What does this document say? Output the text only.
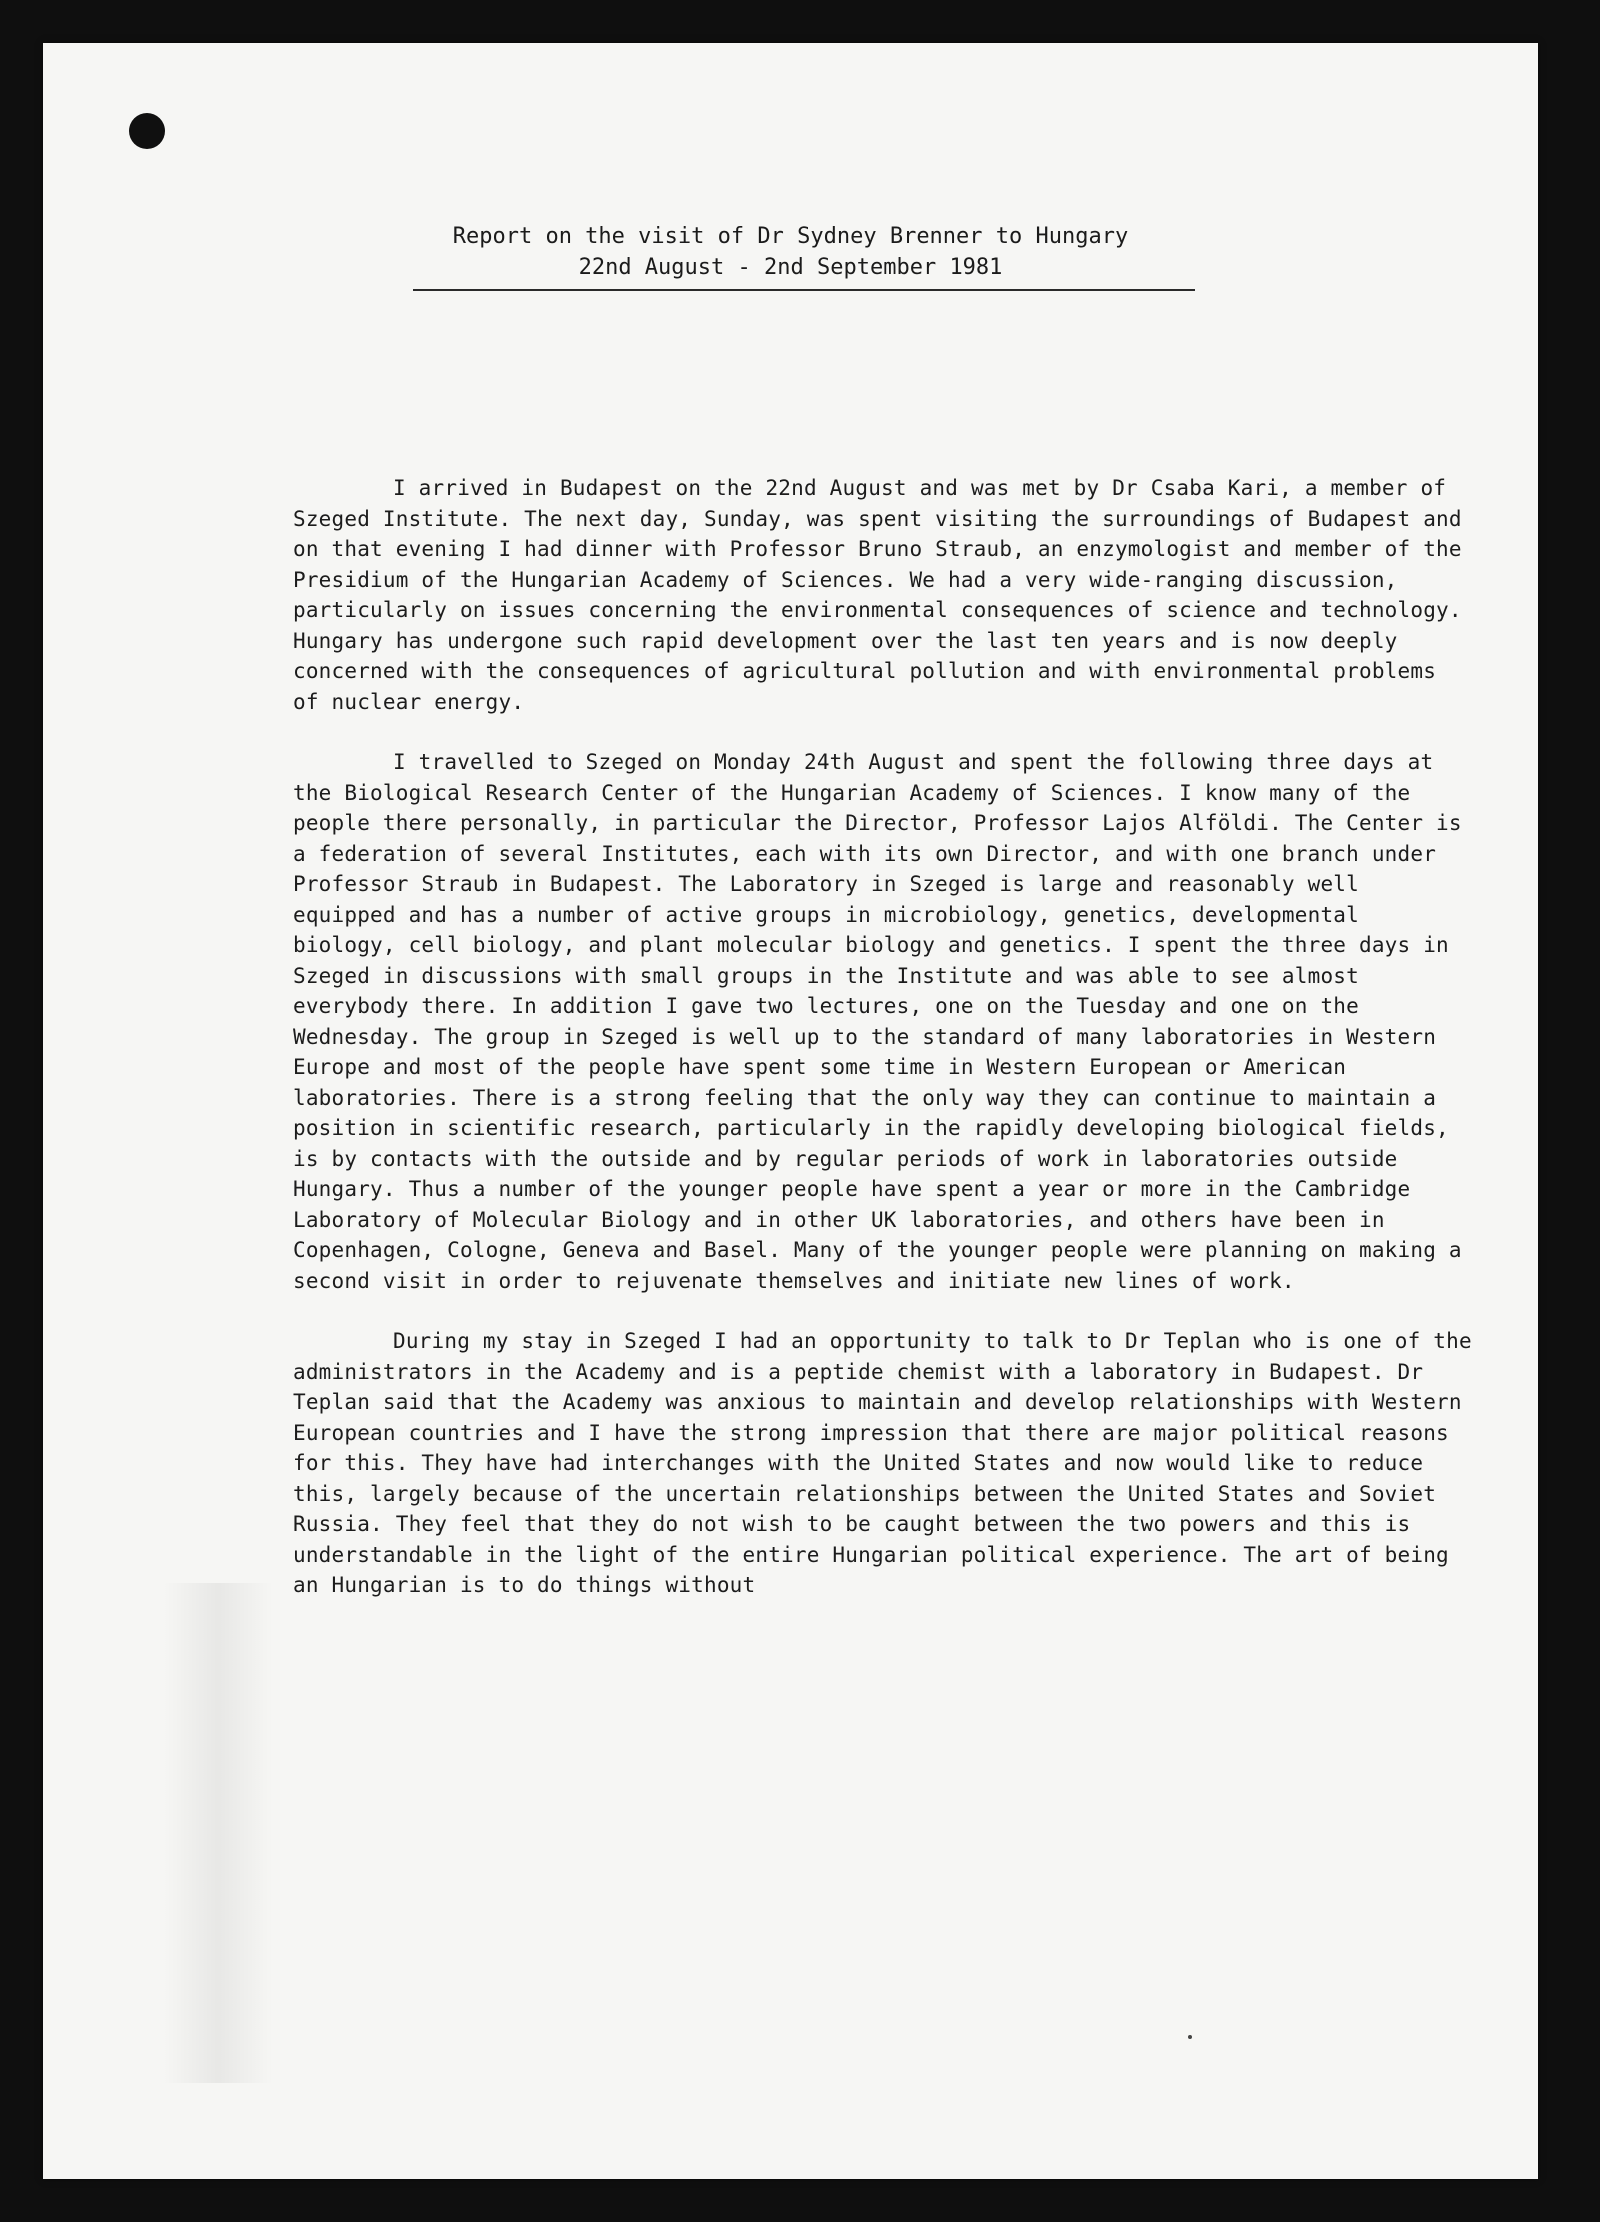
Report on the visit of Dr Sydney Brenner to Hungary
22nd August - 2nd September 1981

I arrived in Budapest on the 22nd August and was met by Dr Csaba Kari, a member of Szeged Institute. The next day, Sunday, was spent visiting the surroundings of Budapest and on that evening I had dinner with Professor Bruno Straub, an enzymologist and member of the Presidium of the Hungarian Academy of Sciences. We had a very wide-ranging discussion, particularly on issues concerning the environmental consequences of science and technology. Hungary has undergone such rapid development over the last ten years and is now deeply concerned with the consequences of agricultural pollution and with environmental problems of nuclear energy.

I travelled to Szeged on Monday 24th August and spent the following three days at the Biological Research Center of the Hungarian Academy of Sciences. I know many of the people there personally, in particular the Director, Professor Lajos Alföldi. The Center is a federation of several Institutes, each with its own Director, and with one branch under Professor Straub in Budapest. The Laboratory in Szeged is large and reasonably well equipped and has a number of active groups in microbiology, genetics, developmental biology, cell biology, and plant molecular biology and genetics. I spent the three days in Szeged in discussions with small groups in the Institute and was able to see almost everybody there. In addition I gave two lectures, one on the Tuesday and one on the Wednesday. The group in Szeged is well up to the standard of many laboratories in Western Europe and most of the people have spent some time in Western European or American laboratories. There is a strong feeling that the only way they can continue to maintain a position in scientific research, particularly in the rapidly developing biological fields, is by contacts with the outside and by regular periods of work in laboratories outside Hungary. Thus a number of the younger people have spent a year or more in the Cambridge Laboratory of Molecular Biology and in other UK laboratories, and others have been in Copenhagen, Cologne, Geneva and Basel. Many of the younger people were planning on making a second visit in order to rejuvenate themselves and initiate new lines of work.

During my stay in Szeged I had an opportunity to talk to Dr Teplan who is one of the administrators in the Academy and is a peptide chemist with a laboratory in Budapest. Dr Teplan said that the Academy was anxious to maintain and develop relationships with Western European countries and I have the strong impression that there are major political reasons for this. They have had interchanges with the United States and now would like to reduce this, largely because of the uncertain relationships between the United States and Soviet Russia. They feel that they do not wish to be caught between the two powers and this is understandable in the light of the entire Hungarian political experience. The art of being an Hungarian is to do things without
